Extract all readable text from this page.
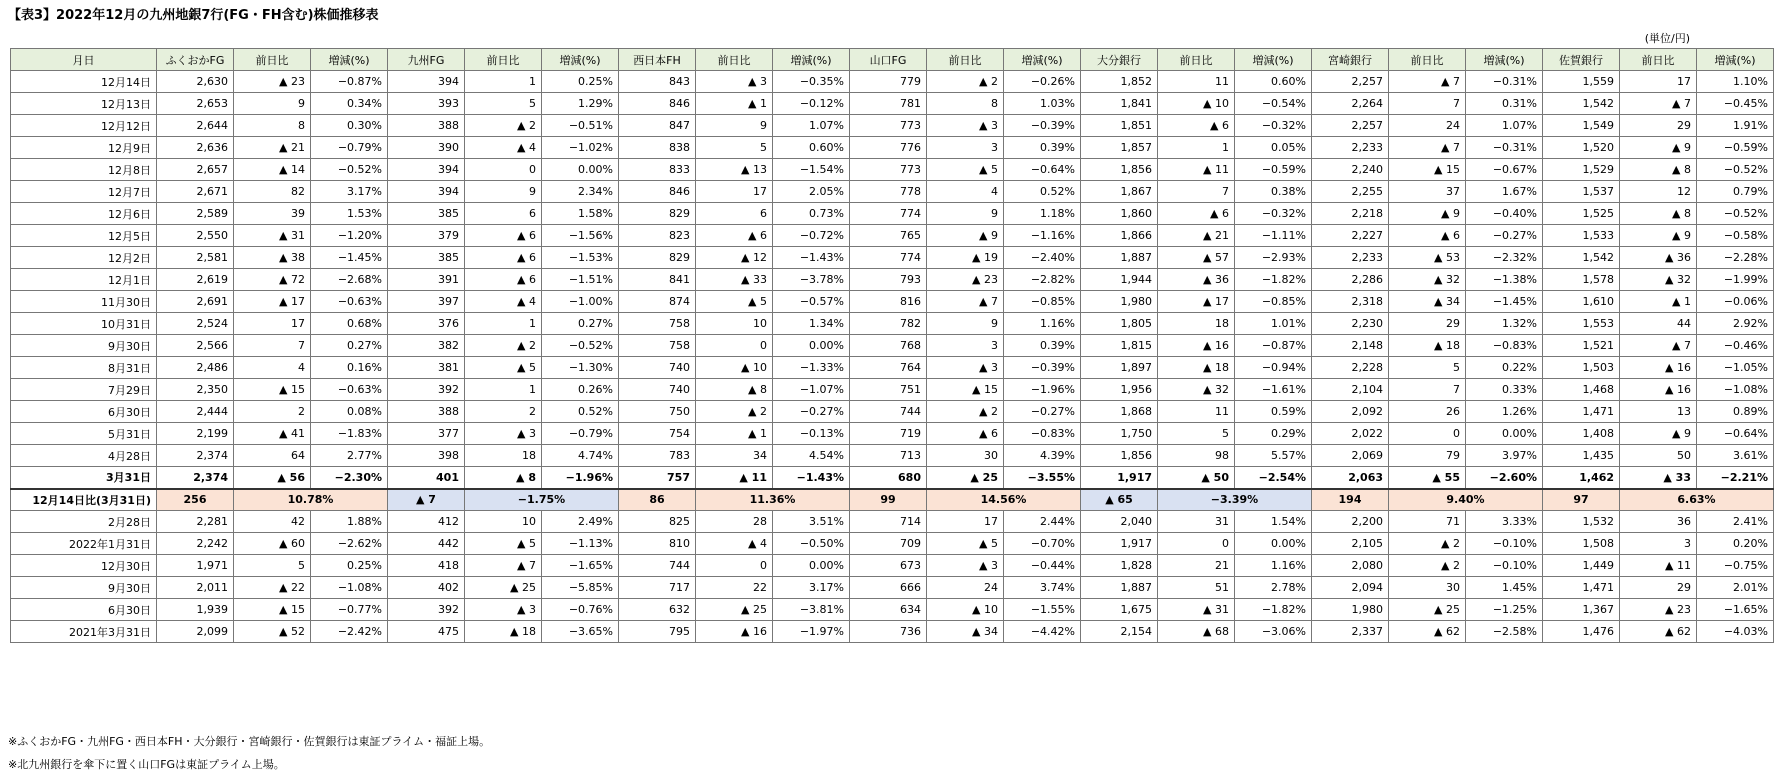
【表3】2022年12月の九州地銀7行(FG・FH含む)株価推移表
(単位/円)
月日	ふくおかFG	前日比	増減(%)	九州FG	前日比	増減(%)	西日本FH	前日比	増減(%)	山口FG	前日比	増減(%)	大分銀行	前日比	増減(%)	宮崎銀行	前日比	増減(%)	佐賀銀行	前日比	増減(%)
12月14日	2,630	▲ 23	−0.87%	394	1	0.25%	843	▲ 3	−0.35%	779	▲ 2	−0.26%	1,852	11	0.60%	2,257	▲ 7	−0.31%	1,559	17	1.10%
12月13日	2,653	9	0.34%	393	5	1.29%	846	▲ 1	−0.12%	781	8	1.03%	1,841	▲ 10	−0.54%	2,264	7	0.31%	1,542	▲ 7	−0.45%
12月12日	2,644	8	0.30%	388	▲ 2	−0.51%	847	9	1.07%	773	▲ 3	−0.39%	1,851	▲ 6	−0.32%	2,257	24	1.07%	1,549	29	1.91%
12月9日	2,636	▲ 21	−0.79%	390	▲ 4	−1.02%	838	5	0.60%	776	3	0.39%	1,857	1	0.05%	2,233	▲ 7	−0.31%	1,520	▲ 9	−0.59%
12月8日	2,657	▲ 14	−0.52%	394	0	0.00%	833	▲ 13	−1.54%	773	▲ 5	−0.64%	1,856	▲ 11	−0.59%	2,240	▲ 15	−0.67%	1,529	▲ 8	−0.52%
12月7日	2,671	82	3.17%	394	9	2.34%	846	17	2.05%	778	4	0.52%	1,867	7	0.38%	2,255	37	1.67%	1,537	12	0.79%
12月6日	2,589	39	1.53%	385	6	1.58%	829	6	0.73%	774	9	1.18%	1,860	▲ 6	−0.32%	2,218	▲ 9	−0.40%	1,525	▲ 8	−0.52%
12月5日	2,550	▲ 31	−1.20%	379	▲ 6	−1.56%	823	▲ 6	−0.72%	765	▲ 9	−1.16%	1,866	▲ 21	−1.11%	2,227	▲ 6	−0.27%	1,533	▲ 9	−0.58%
12月2日	2,581	▲ 38	−1.45%	385	▲ 6	−1.53%	829	▲ 12	−1.43%	774	▲ 19	−2.40%	1,887	▲ 57	−2.93%	2,233	▲ 53	−2.32%	1,542	▲ 36	−2.28%
12月1日	2,619	▲ 72	−2.68%	391	▲ 6	−1.51%	841	▲ 33	−3.78%	793	▲ 23	−2.82%	1,944	▲ 36	−1.82%	2,286	▲ 32	−1.38%	1,578	▲ 32	−1.99%
11月30日	2,691	▲ 17	−0.63%	397	▲ 4	−1.00%	874	▲ 5	−0.57%	816	▲ 7	−0.85%	1,980	▲ 17	−0.85%	2,318	▲ 34	−1.45%	1,610	▲ 1	−0.06%
10月31日	2,524	17	0.68%	376	1	0.27%	758	10	1.34%	782	9	1.16%	1,805	18	1.01%	2,230	29	1.32%	1,553	44	2.92%
9月30日	2,566	7	0.27%	382	▲ 2	−0.52%	758	0	0.00%	768	3	0.39%	1,815	▲ 16	−0.87%	2,148	▲ 18	−0.83%	1,521	▲ 7	−0.46%
8月31日	2,486	4	0.16%	381	▲ 5	−1.30%	740	▲ 10	−1.33%	764	▲ 3	−0.39%	1,897	▲ 18	−0.94%	2,228	5	0.22%	1,503	▲ 16	−1.05%
7月29日	2,350	▲ 15	−0.63%	392	1	0.26%	740	▲ 8	−1.07%	751	▲ 15	−1.96%	1,956	▲ 32	−1.61%	2,104	7	0.33%	1,468	▲ 16	−1.08%
6月30日	2,444	2	0.08%	388	2	0.52%	750	▲ 2	−0.27%	744	▲ 2	−0.27%	1,868	11	0.59%	2,092	26	1.26%	1,471	13	0.89%
5月31日	2,199	▲ 41	−1.83%	377	▲ 3	−0.79%	754	▲ 1	−0.13%	719	▲ 6	−0.83%	1,750	5	0.29%	2,022	0	0.00%	1,408	▲ 9	−0.64%
4月28日	2,374	64	2.77%	398	18	4.74%	783	34	4.54%	713	30	4.39%	1,856	98	5.57%	2,069	79	3.97%	1,435	50	3.61%
3月31日	2,374	▲ 56	−2.30%	401	▲ 8	−1.96%	757	▲ 11	−1.43%	680	▲ 25	−3.55%	1,917	▲ 50	−2.54%	2,063	▲ 55	−2.60%	1,462	▲ 33	−2.21%
12月14日比(3月31日)	256	10.78%		▲ 7	−1.75%		86	11.36%		99	14.56%		▲ 65	−3.39%		194	9.40%		97	6.63%	
2月28日	2,281	42	1.88%	412	10	2.49%	825	28	3.51%	714	17	2.44%	2,040	31	1.54%	2,200	71	3.33%	1,532	36	2.41%
2022年1月31日	2,242	▲ 60	−2.62%	442	▲ 5	−1.13%	810	▲ 4	−0.50%	709	▲ 5	−0.70%	1,917	0	0.00%	2,105	▲ 2	−0.10%	1,508	3	0.20%
12月30日	1,971	5	0.25%	418	▲ 7	−1.65%	744	0	0.00%	673	▲ 3	−0.44%	1,828	21	1.16%	2,080	▲ 2	−0.10%	1,449	▲ 11	−0.75%
9月30日	2,011	▲ 22	−1.08%	402	▲ 25	−5.85%	717	22	3.17%	666	24	3.74%	1,887	51	2.78%	2,094	30	1.45%	1,471	29	2.01%
6月30日	1,939	▲ 15	−0.77%	392	▲ 3	−0.76%	632	▲ 25	−3.81%	634	▲ 10	−1.55%	1,675	▲ 31	−1.82%	1,980	▲ 25	−1.25%	1,367	▲ 23	−1.65%
2021年3月31日	2,099	▲ 52	−2.42%	475	▲ 18	−3.65%	795	▲ 16	−1.97%	736	▲ 34	−4.42%	2,154	▲ 68	−3.06%	2,337	▲ 62	−2.58%	1,476	▲ 62	−4.03%
※ふくおかFG・九州FG・西日本FH・大分銀行・宮崎銀行・佐賀銀行は東証プライム・福証上場。
※北九州銀行を傘下に置く山口FGは東証プライム上場。
